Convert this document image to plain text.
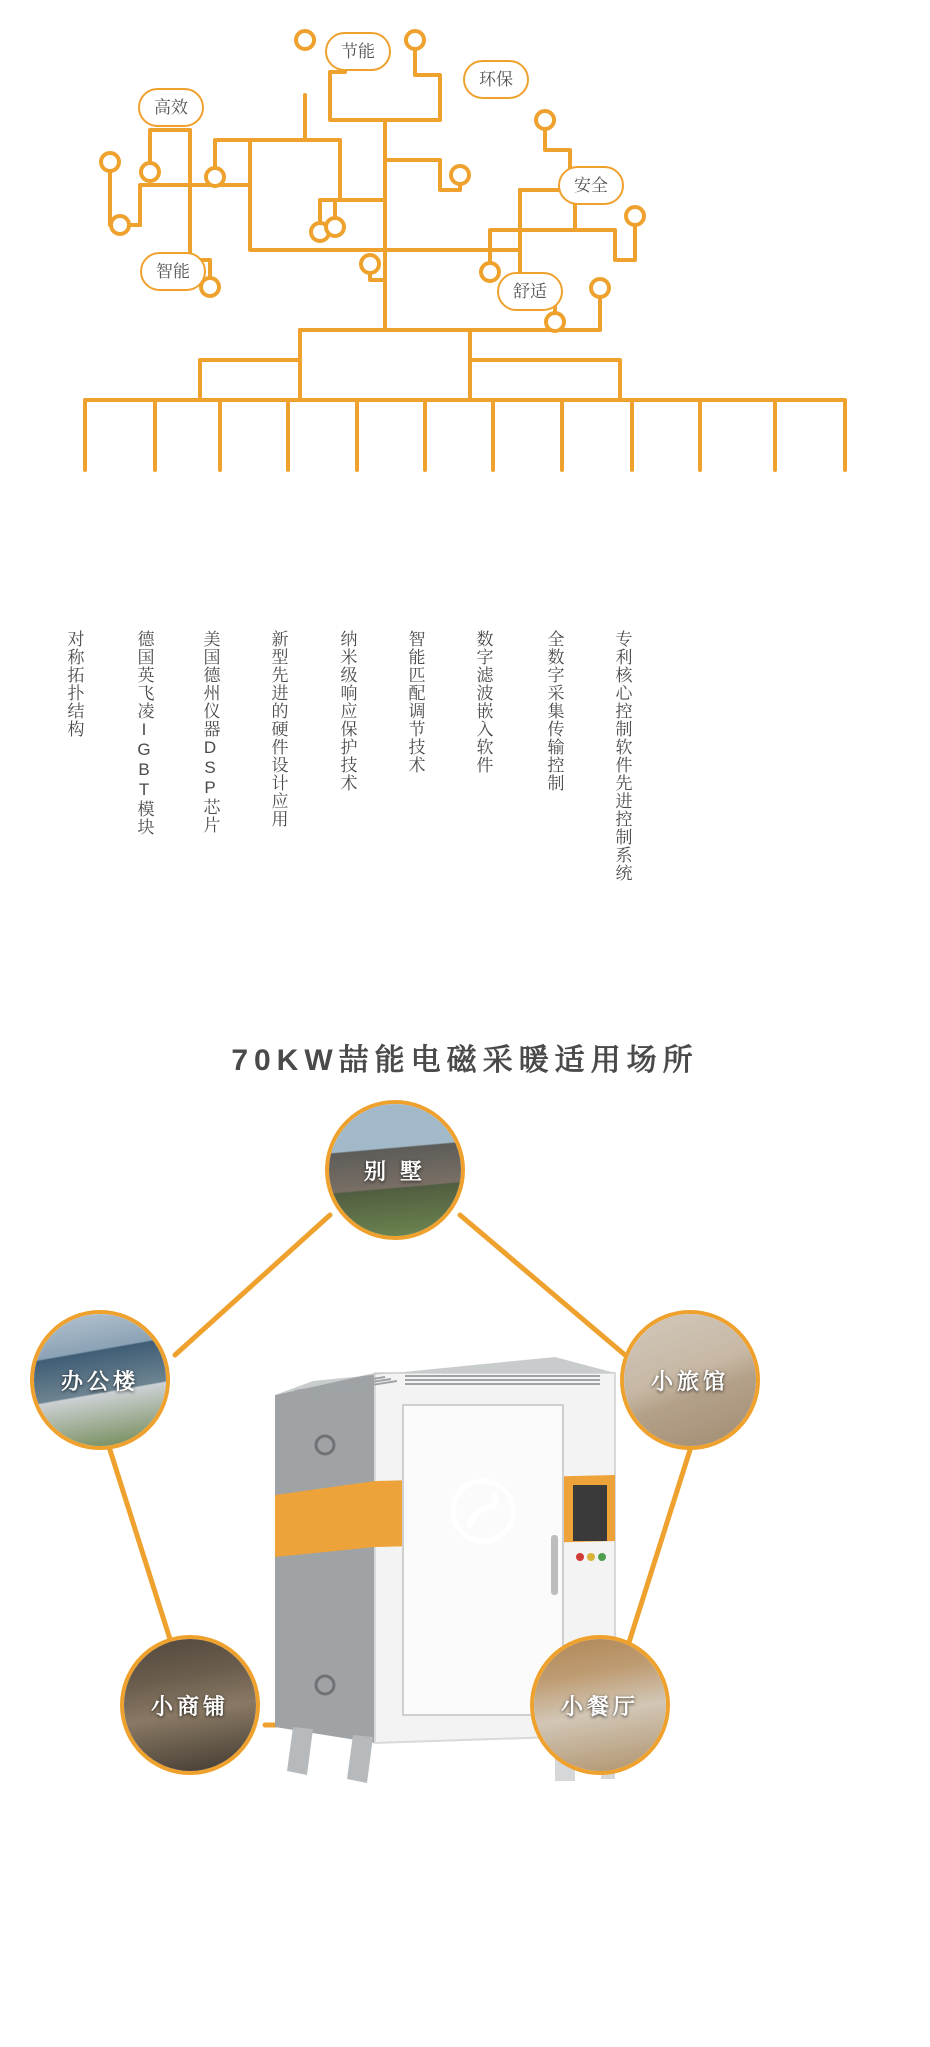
节能
环保
高效
安全
智能
舒适
对称拓扑结构	德国英飞凌IGBT模块	美国德州仪器DSP芯片	新型先进的硬件设计应用	纳米级响应保护技术	智能匹配调节技术	数字滤波嵌入软件	全数字采集传输控制	专利核心控制软件先进控制系统
70KW喆能电磁采暖适用场所
别 墅
办公楼	小旅馆
小商铺	小餐厅
